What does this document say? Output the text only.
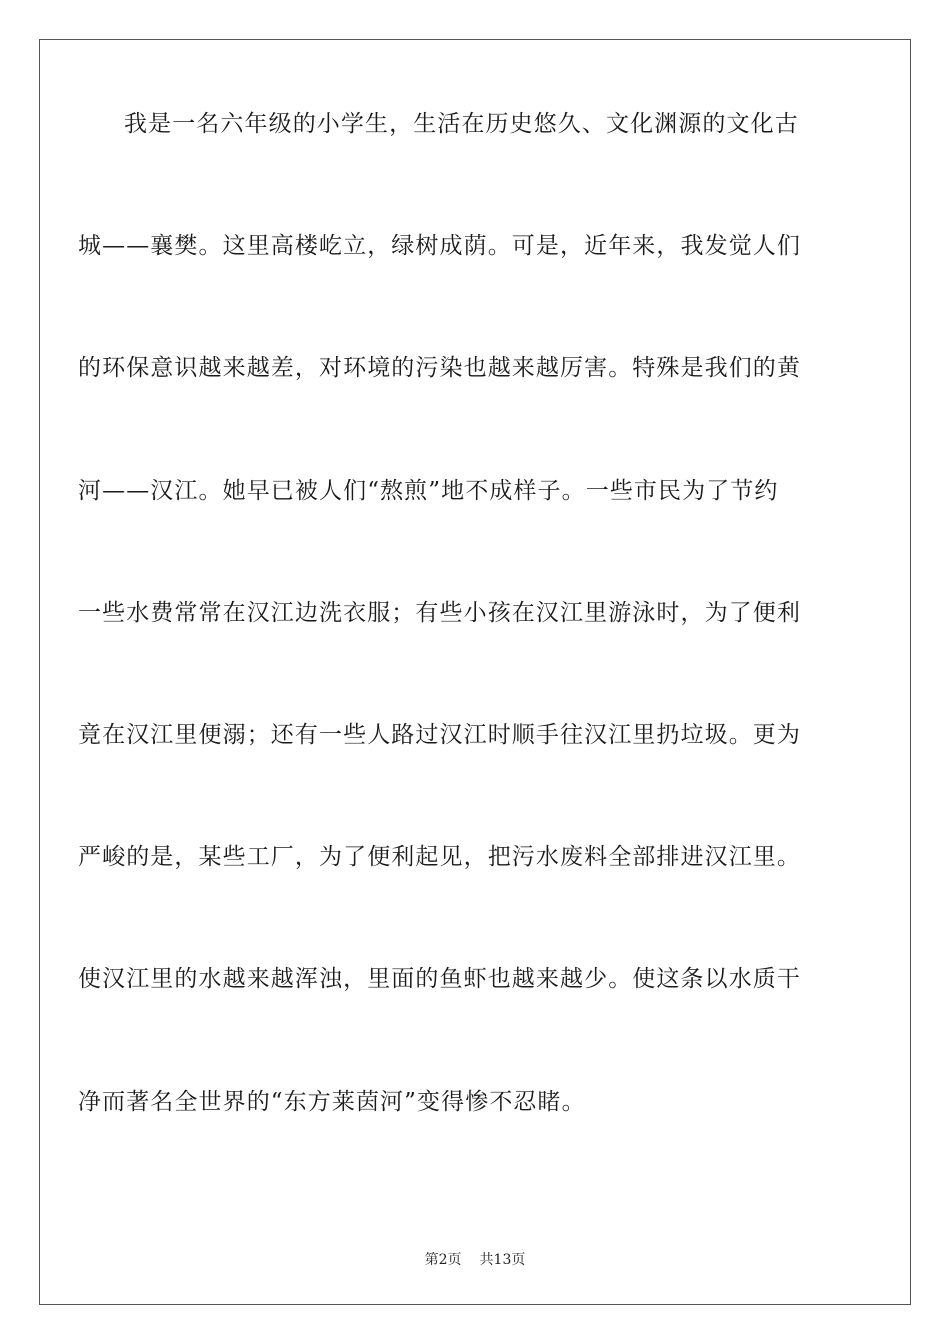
我是一名六年级的小学生，生活在历史悠久、文化渊源的文化古
城——襄樊。这里高楼屹立，绿树成荫。可是，近年来，我发觉人们
的环保意识越来越差，对环境的污染也越来越厉害。特殊是我们的黄
河——汉江。她早已被人们“熬煎”地不成样子。一些市民为了节约
一些水费常常在汉江边洗衣服；有些小孩在汉江里游泳时，为了便利
竟在汉江里便溺；还有一些人路过汉江时顺手往汉江里扔垃圾。更为
严峻的是，某些工厂，为了便利起见，把污水废料全部排进汉江里。
使汉江里的水越来越浑浊，里面的鱼虾也越来越少。使这条以水质干
净而著名全世界的“东方莱茵河”变得惨不忍睹。
第2页 共13页
